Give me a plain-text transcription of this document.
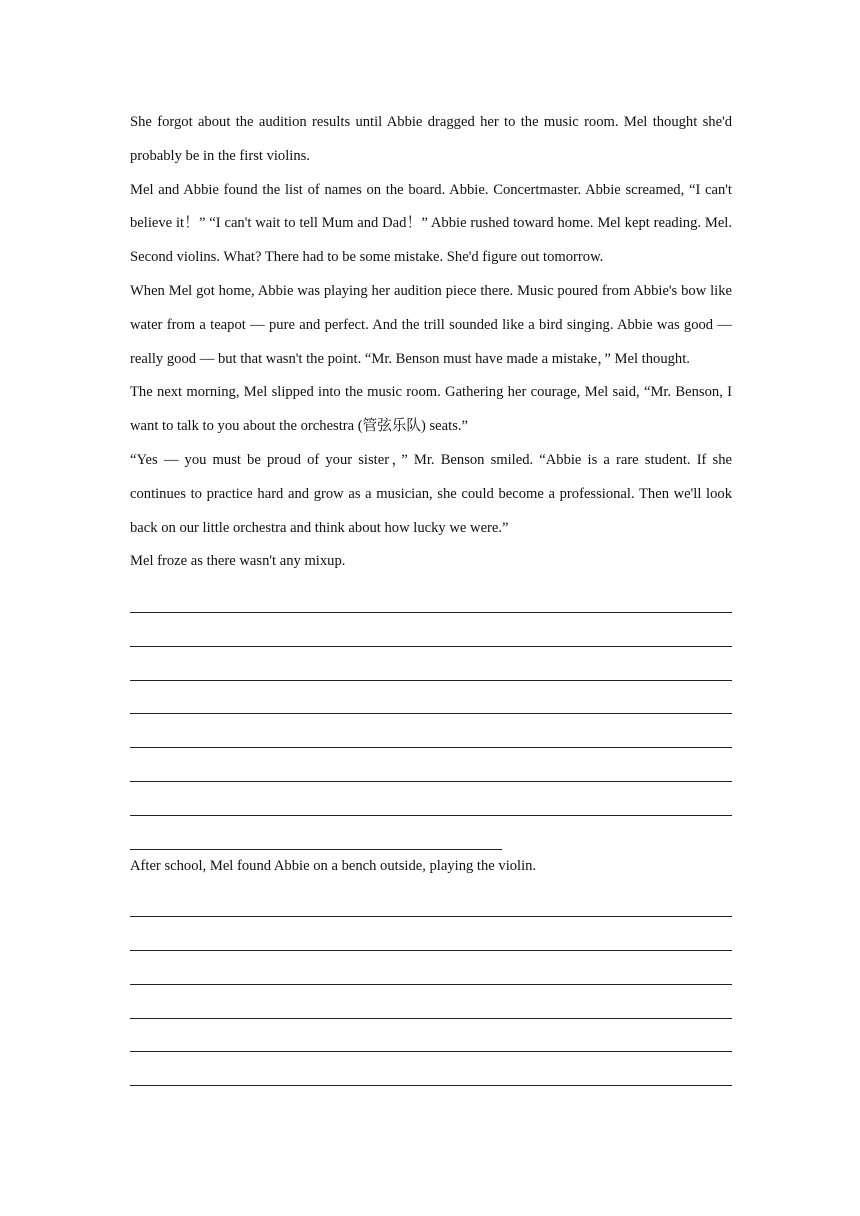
She forgot about the audition results until Abbie dragged her to the music room. Mel thought she'd probably be in the first violins.

Mel and Abbie found the list of names on the board. Abbie. Concertmaster. Abbie screamed, “I can't believe it！” “I can't wait to tell Mum and Dad！” Abbie rushed toward home. Mel kept reading. Mel. Second violins. What? There had to be some mistake. She'd figure out tomorrow.

When Mel got home, Abbie was playing her audition piece there. Music poured from Abbie's bow like water from a teapot — pure and perfect. And the trill sounded like a bird singing. Abbie was good — really good — but that wasn't the point. “Mr. Benson must have made a mistake，” Mel thought.

The next morning, Mel slipped into the music room. Gathering her courage, Mel said, “Mr. Benson, I want to talk to you about the orchestra (管弦乐队) seats.”

“Yes — you must be proud of your sister，” Mr. Benson smiled. “Abbie is a rare student. If she continues to practice hard and grow as a musician, she could become a professional. Then we'll look back on our little orchestra and think about how lucky we were.”

Mel froze as there wasn't any mixup.

After school, Mel found Abbie on a bench outside, playing the violin.
